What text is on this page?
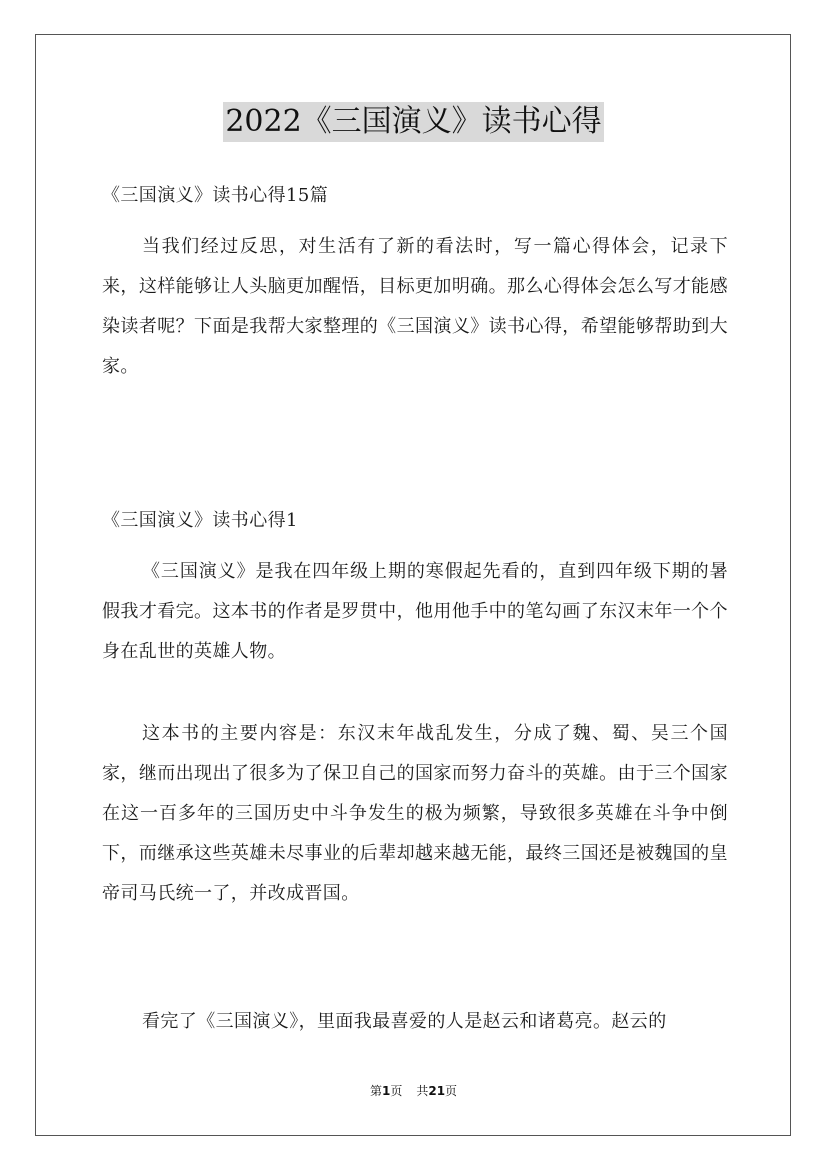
2022《三国演义》读书心得

《三国演义》读书心得15篇

当我们经过反思，对生活有了新的看法时，写一篇心得体会，记录下来，这样能够让人头脑更加醒悟，目标更加明确。那么心得体会怎么写才能感染读者呢？下面是我帮大家整理的《三国演义》读书心得，希望能够帮助到大家。

《三国演义》读书心得1

《三国演义》是我在四年级上期的寒假起先看的，直到四年级下期的暑假我才看完。这本书的作者是罗贯中，他用他手中的笔勾画了东汉末年一个个身在乱世的英雄人物。

这本书的主要内容是：东汉末年战乱发生，分成了魏、蜀、吴三个国家，继而出现出了很多为了保卫自己的国家而努力奋斗的英雄。由于三个国家在这一百多年的三国历史中斗争发生的极为频繁，导致很多英雄在斗争中倒下，而继承这些英雄未尽事业的后辈却越来越无能，最终三国还是被魏国的皇帝司马氏统一了，并改成晋国。

看完了《三国演义》，里面我最喜爱的人是赵云和诸葛亮。赵云的

第1页 共21页
